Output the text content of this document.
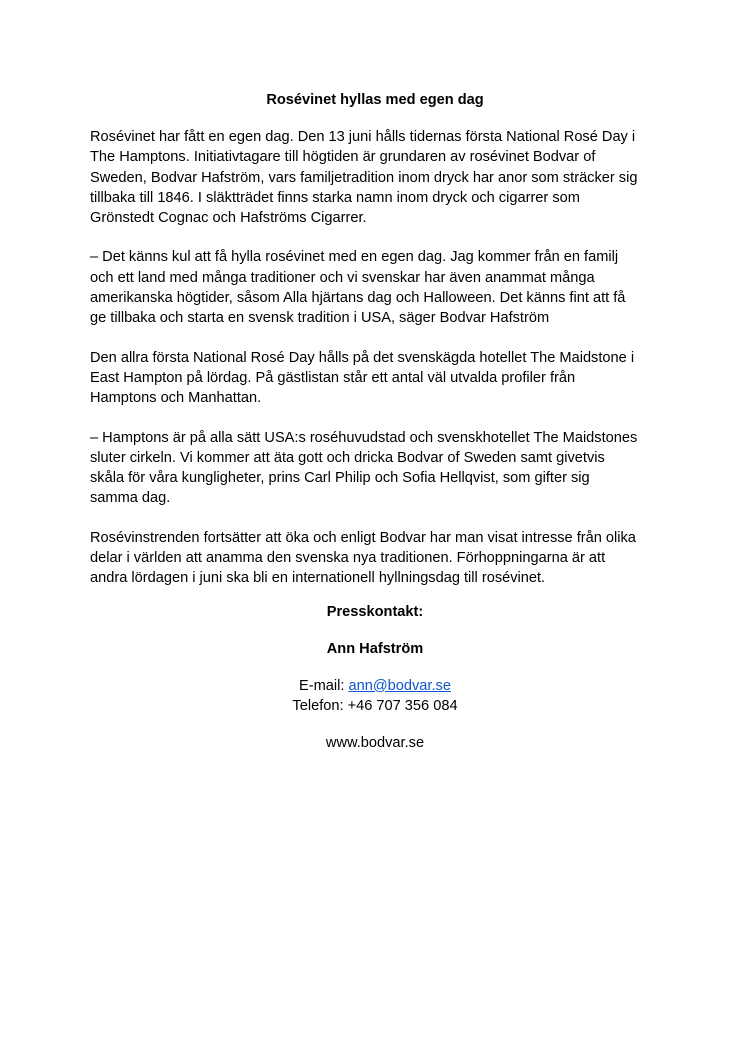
Rosévinet hyllas med egen dag
Rosévinet har fått en egen dag. Den 13 juni hålls tidernas första National Rosé Day i
The Hamptons. Initiativtagare till högtiden är grundaren av rosévinet Bodvar of
Sweden, Bodvar Hafström, vars familjetradition inom dryck har anor som sträcker sig
tillbaka till 1846. I släktträdet finns starka namn inom dryck och cigarrer som
Grönstedt Cognac och Hafströms Cigarrer.
– Det känns kul att få hylla rosévinet med en egen dag. Jag kommer från en familj
och ett land med många traditioner och vi svenskar har även anammat många
amerikanska högtider, såsom Alla hjärtans dag och Halloween. Det känns fint att få
ge tillbaka och starta en svensk tradition i USA, säger Bodvar Hafström
Den allra första National Rosé Day hålls på det svenskägda hotellet The Maidstone i
East Hampton på lördag. På gästlistan står ett antal väl utvalda profiler från
Hamptons och Manhattan.
– Hamptons är på alla sätt USA:s roséhuvudstad och svenskhotellet The Maidstones
sluter cirkeln. Vi kommer att äta gott och dricka Bodvar of Sweden samt givetvis
skåla för våra kungligheter, prins Carl Philip och Sofia Hellqvist, som gifter sig
samma dag.
Rosévinstrenden fortsätter att öka och enligt Bodvar har man visat intresse från olika
delar i världen att anamma den svenska nya traditionen. Förhoppningarna är att
andra lördagen i juni ska bli en internationell hyllningsdag till rosévinet.
Presskontakt:
Ann Hafström
E-mail: ann@bodvar.se
Telefon: +46 707 356 084
www.bodvar.se
